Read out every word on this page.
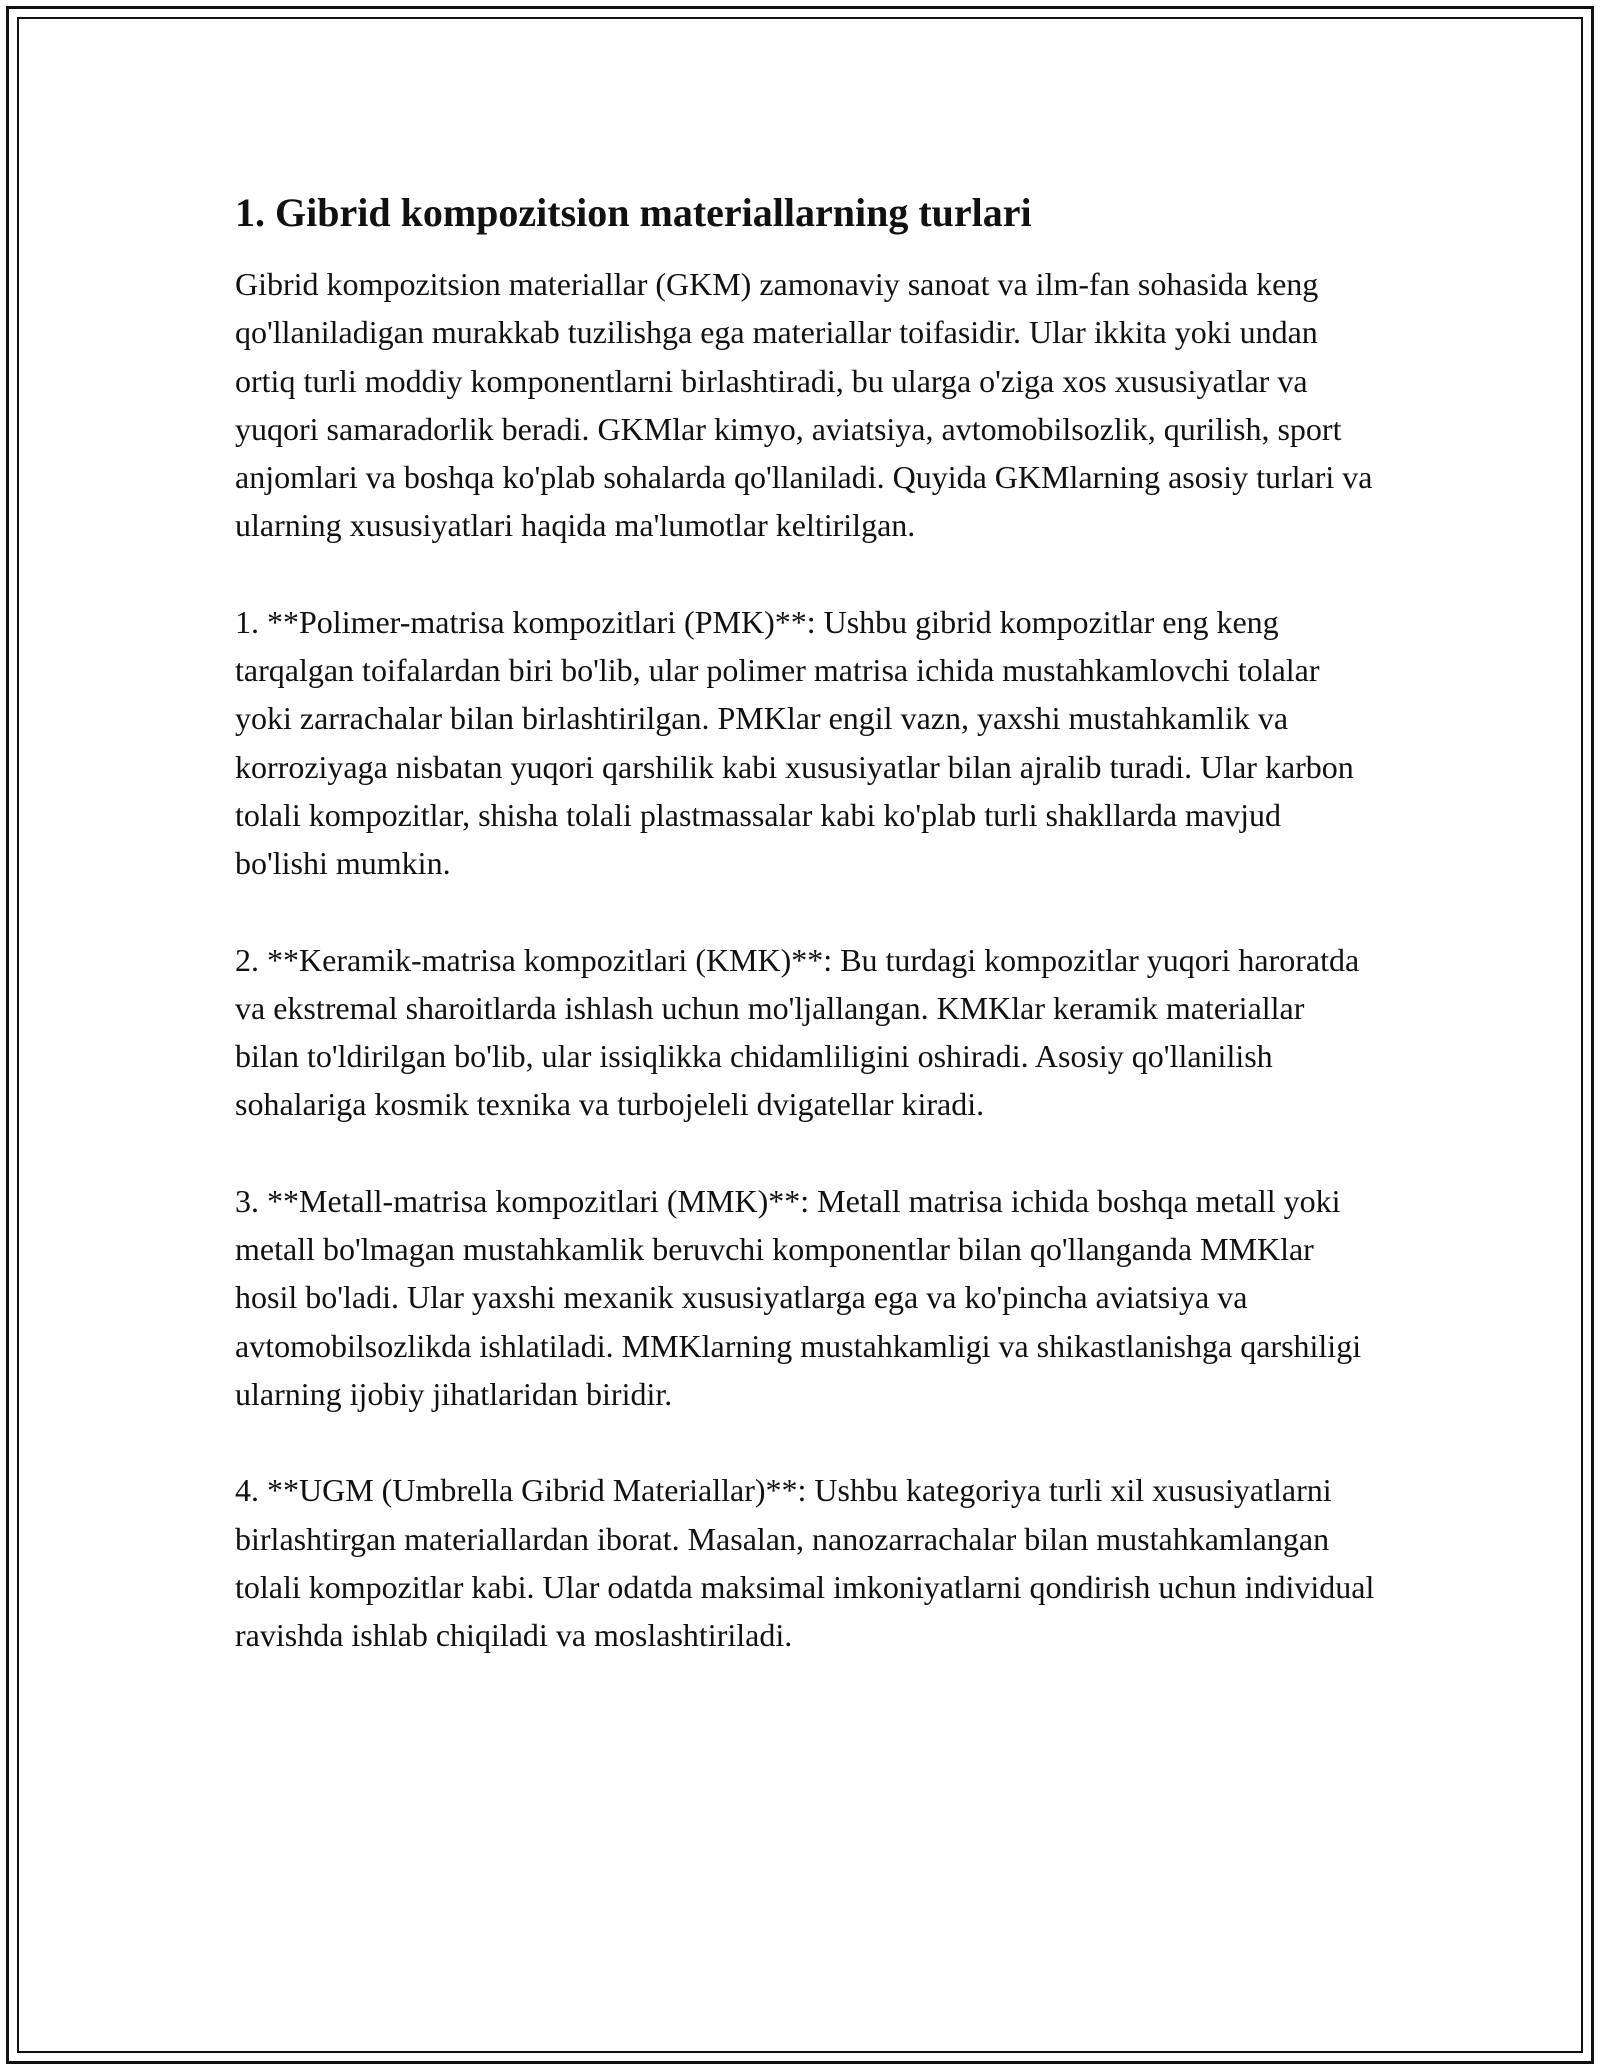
1. Gibrid kompozitsion materiallarning turlari

Gibrid kompozitsion materiallar (GKM) zamonaviy sanoat va ilm-fan sohasida keng qo'llaniladigan murakkab tuzilishga ega materiallar toifasidir. Ular ikkita yoki undan ortiq turli moddiy komponentlarni birlashtiradi, bu ularga o'ziga xos xususiyatlar va yuqori samaradorlik beradi. GKMlar kimyo, aviatsiya, avtomobilsozlik, qurilish, sport anjomlari va boshqa ko'plab sohalarda qo'llaniladi. Quyida GKMlarning asosiy turlari va ularning xususiyatlari haqida ma'lumotlar keltirilgan.

1. **Polimer-matrisa kompozitlari (PMK)**: Ushbu gibrid kompozitlar eng keng tarqalgan toifalardan biri bo'lib, ular polimer matrisa ichida mustahkamlovchi tolalar yoki zarrachalar bilan birlashtirilgan. PMKlar engil vazn, yaxshi mustahkamlik va korroziyaga nisbatan yuqori qarshilik kabi xususiyatlar bilan ajralib turadi. Ular karbon tolali kompozitlar, shisha tolali plastmassalar kabi ko'plab turli shakllarda mavjud bo'lishi mumkin.

2. **Keramik-matrisa kompozitlari (KMK)**: Bu turdagi kompozitlar yuqori haroratda va ekstremal sharoitlarda ishlash uchun mo'ljallangan. KMKlar keramik materiallar bilan to'ldirilgan bo'lib, ular issiqlikka chidamliligini oshiradi. Asosiy qo'llanilish sohalariga kosmik texnika va turbojeleli dvigatellar kiradi.

3. **Metall-matrisa kompozitlari (MMK)**: Metall matrisa ichida boshqa metall yoki metall bo'lmagan mustahkamlik beruvchi komponentlar bilan qo'llanganda MMKlar hosil bo'ladi. Ular yaxshi mexanik xususiyatlarga ega va ko'pincha aviatsiya va avtomobilsozlikda ishlatiladi. MMKlarning mustahkamligi va shikastlanishga qarshiligi ularning ijobiy jihatlaridan biridir.

4. **UGM (Umbrella Gibrid Materiallar)**: Ushbu kategoriya turli xil xususiyatlarni birlashtirgan materiallardan iborat. Masalan, nanozarrachalar bilan mustahkamlangan tolali kompozitlar kabi. Ular odatda maksimal imkoniyatlarni qondirish uchun individual ravishda ishlab chiqiladi va moslashtiriladi.
